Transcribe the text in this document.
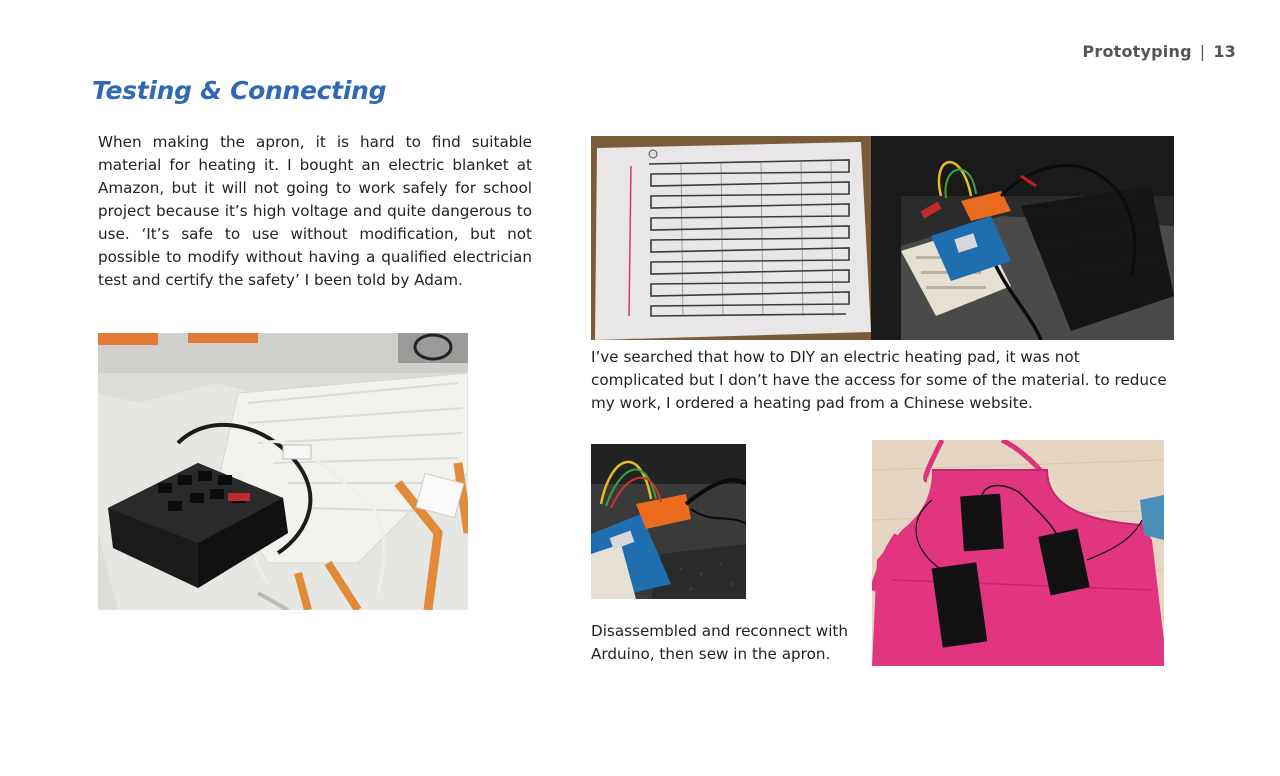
Prototyping | 13
Testing & Connecting
When making the apron, it is hard to find suitable material for heating it. I bought an electric blanket at Amazon, but it will not going to work safely for school project because it’s high voltage and quite dangerous to use. ‘It’s safe to use without modification, but not possible to modify without having a qualified electrician test and certify the safety’ I been told by Adam.
I’ve searched that how to DIY an electric heating pad, it was not complicated but I don’t have the access for some of the material. to reduce my work, I ordered a heating pad from a Chinese website.
Disassembled and reconnect with Arduino, then sew in the apron.
